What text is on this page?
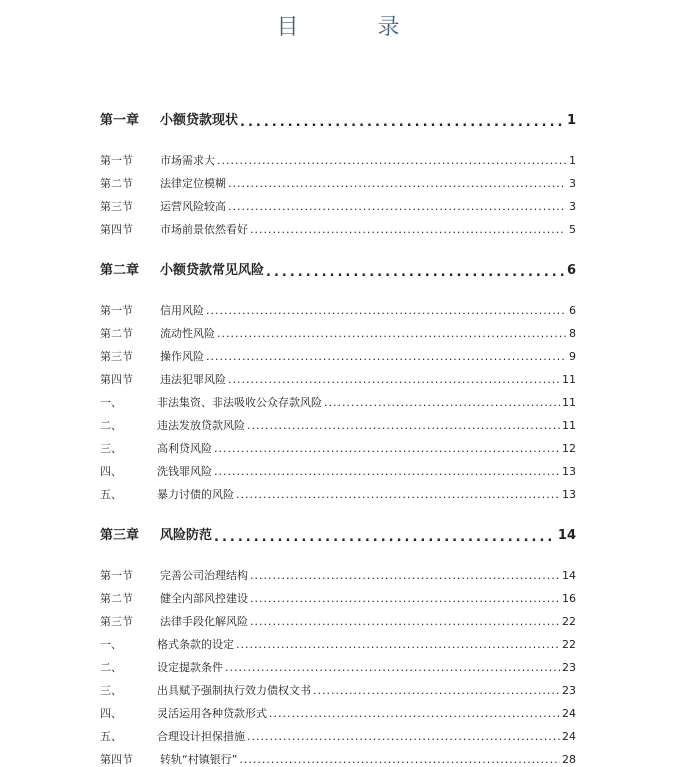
目 录
第一章	小额贷款现状 .....	1
第一节	市场需求大 .....	1
第二节	法律定位模糊 .....	3
第三节	运营风险较高 .....	3
第四节	市场前景依然看好 .....	5
第二章	小额贷款常见风险 .....	6
第一节	信用风险 .....	6
第二节	流动性风险 .....	8
第三节	操作风险 .....	9
第四节	违法犯罪风险 .....	11
一、	非法集资、非法吸收公众存款风险 .....	11
二、	违法发放贷款风险 .....	11
三、	高利贷风险 .....	12
四、	洗钱罪风险 .....	13
五、	暴力讨债的风险 .....	13
第三章	风险防范 .....	14
第一节	完善公司治理结构 .....	14
第二节	健全内部风控建设 .....	16
第三节	法律手段化解风险 .....	22
一、	格式条款的设定 .....	22
二、	设定提款条件 .....	23
三、	出具赋予强制执行效力债权文书 .....	23
四、	灵活运用各种贷款形式 .....	24
五、	合理设计担保措施 .....	24
第四节	转轨“村镇银行” .....	28
